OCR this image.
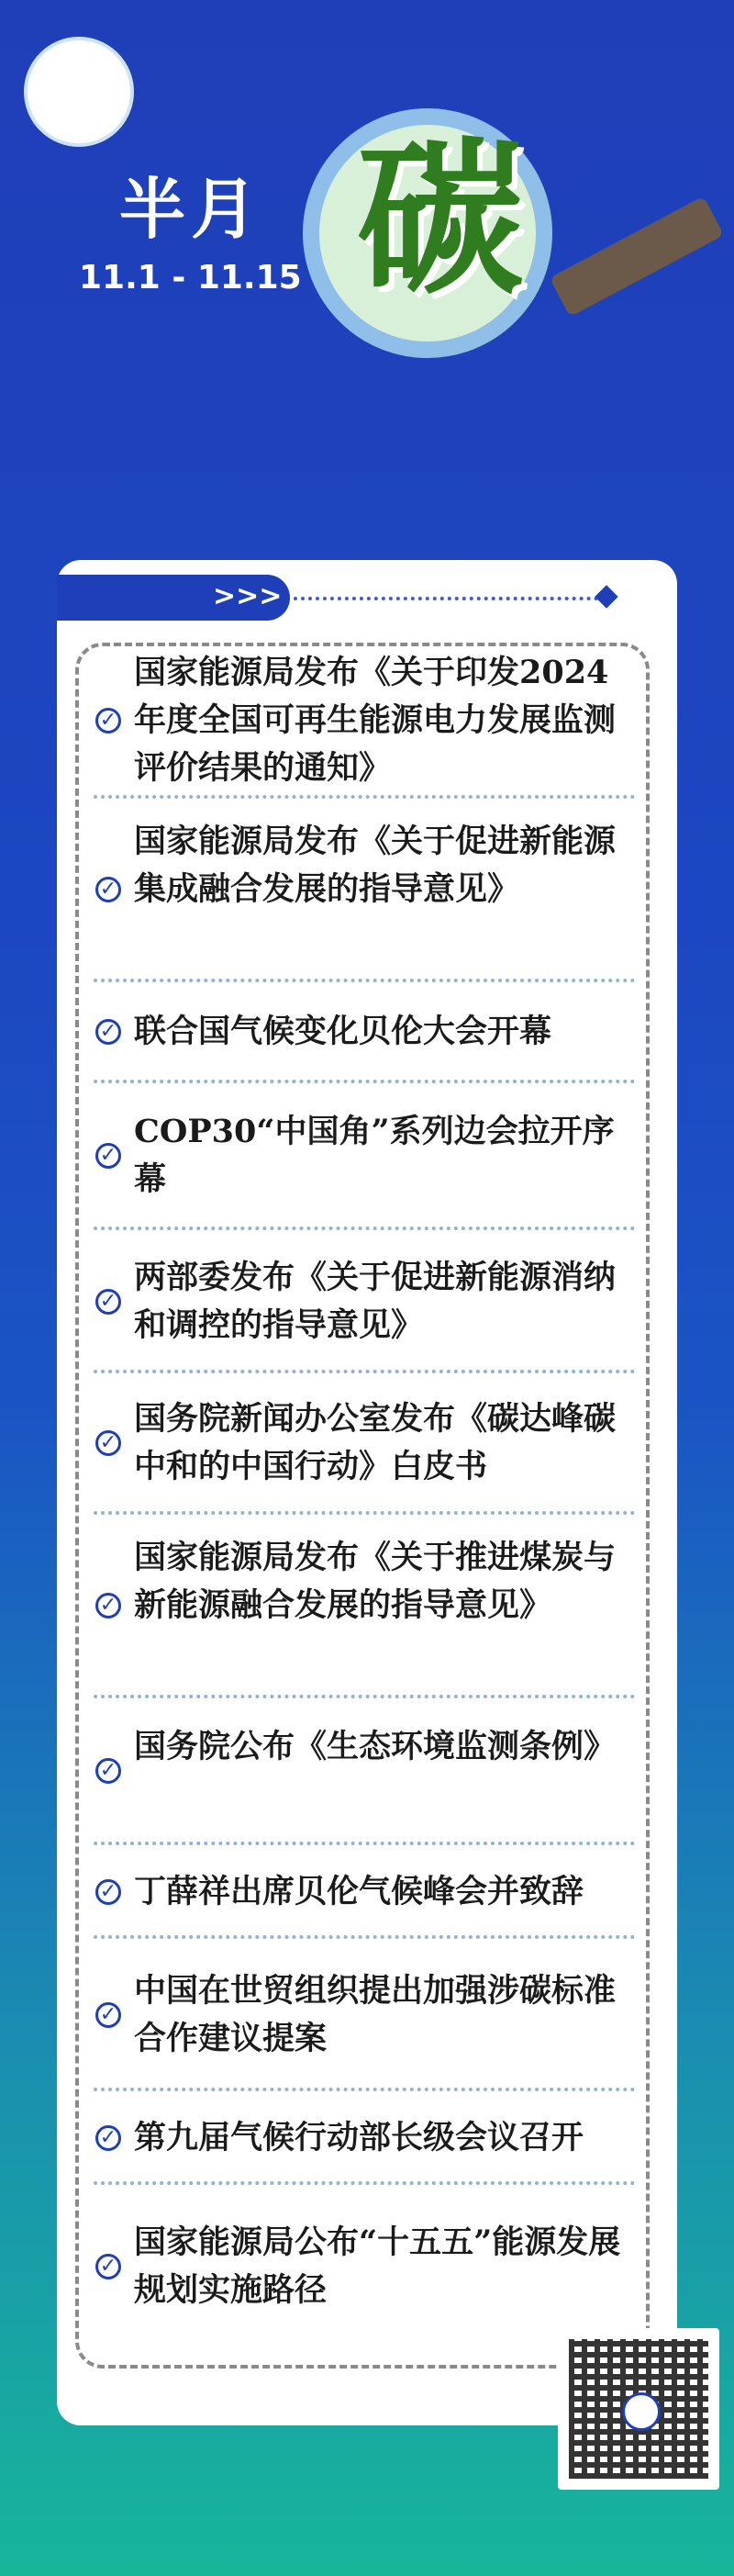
半月
11.1 - 11.15 碳
>>>
✓
国家能源局发布《关于印发2024年度全国可再生能源电力发展监测评价结果的通知》
✓
国家能源局发布《关于促进新能源集成融合发展的指导意见》
✓ 联合国气候变化贝伦大会开幕
✓
COP30“中国角”系列边会拉开序幕
✓
两部委发布《关于促进新能源消纳和调控的指导意见》
✓
国务院新闻办公室发布《碳达峰碳中和的中国行动》白皮书
✓
国家能源局发布《关于推进煤炭与新能源融合发展的指导意见》
✓
国务院公布《生态环境监测条例》
✓ 丁薛祥出席贝伦气候峰会并致辞
✓
中国在世贸组织提出加强涉碳标准合作建议提案
✓ 第九届气候行动部长级会议召开
✓
国家能源局公布“十五五”能源发展规划实施路径
